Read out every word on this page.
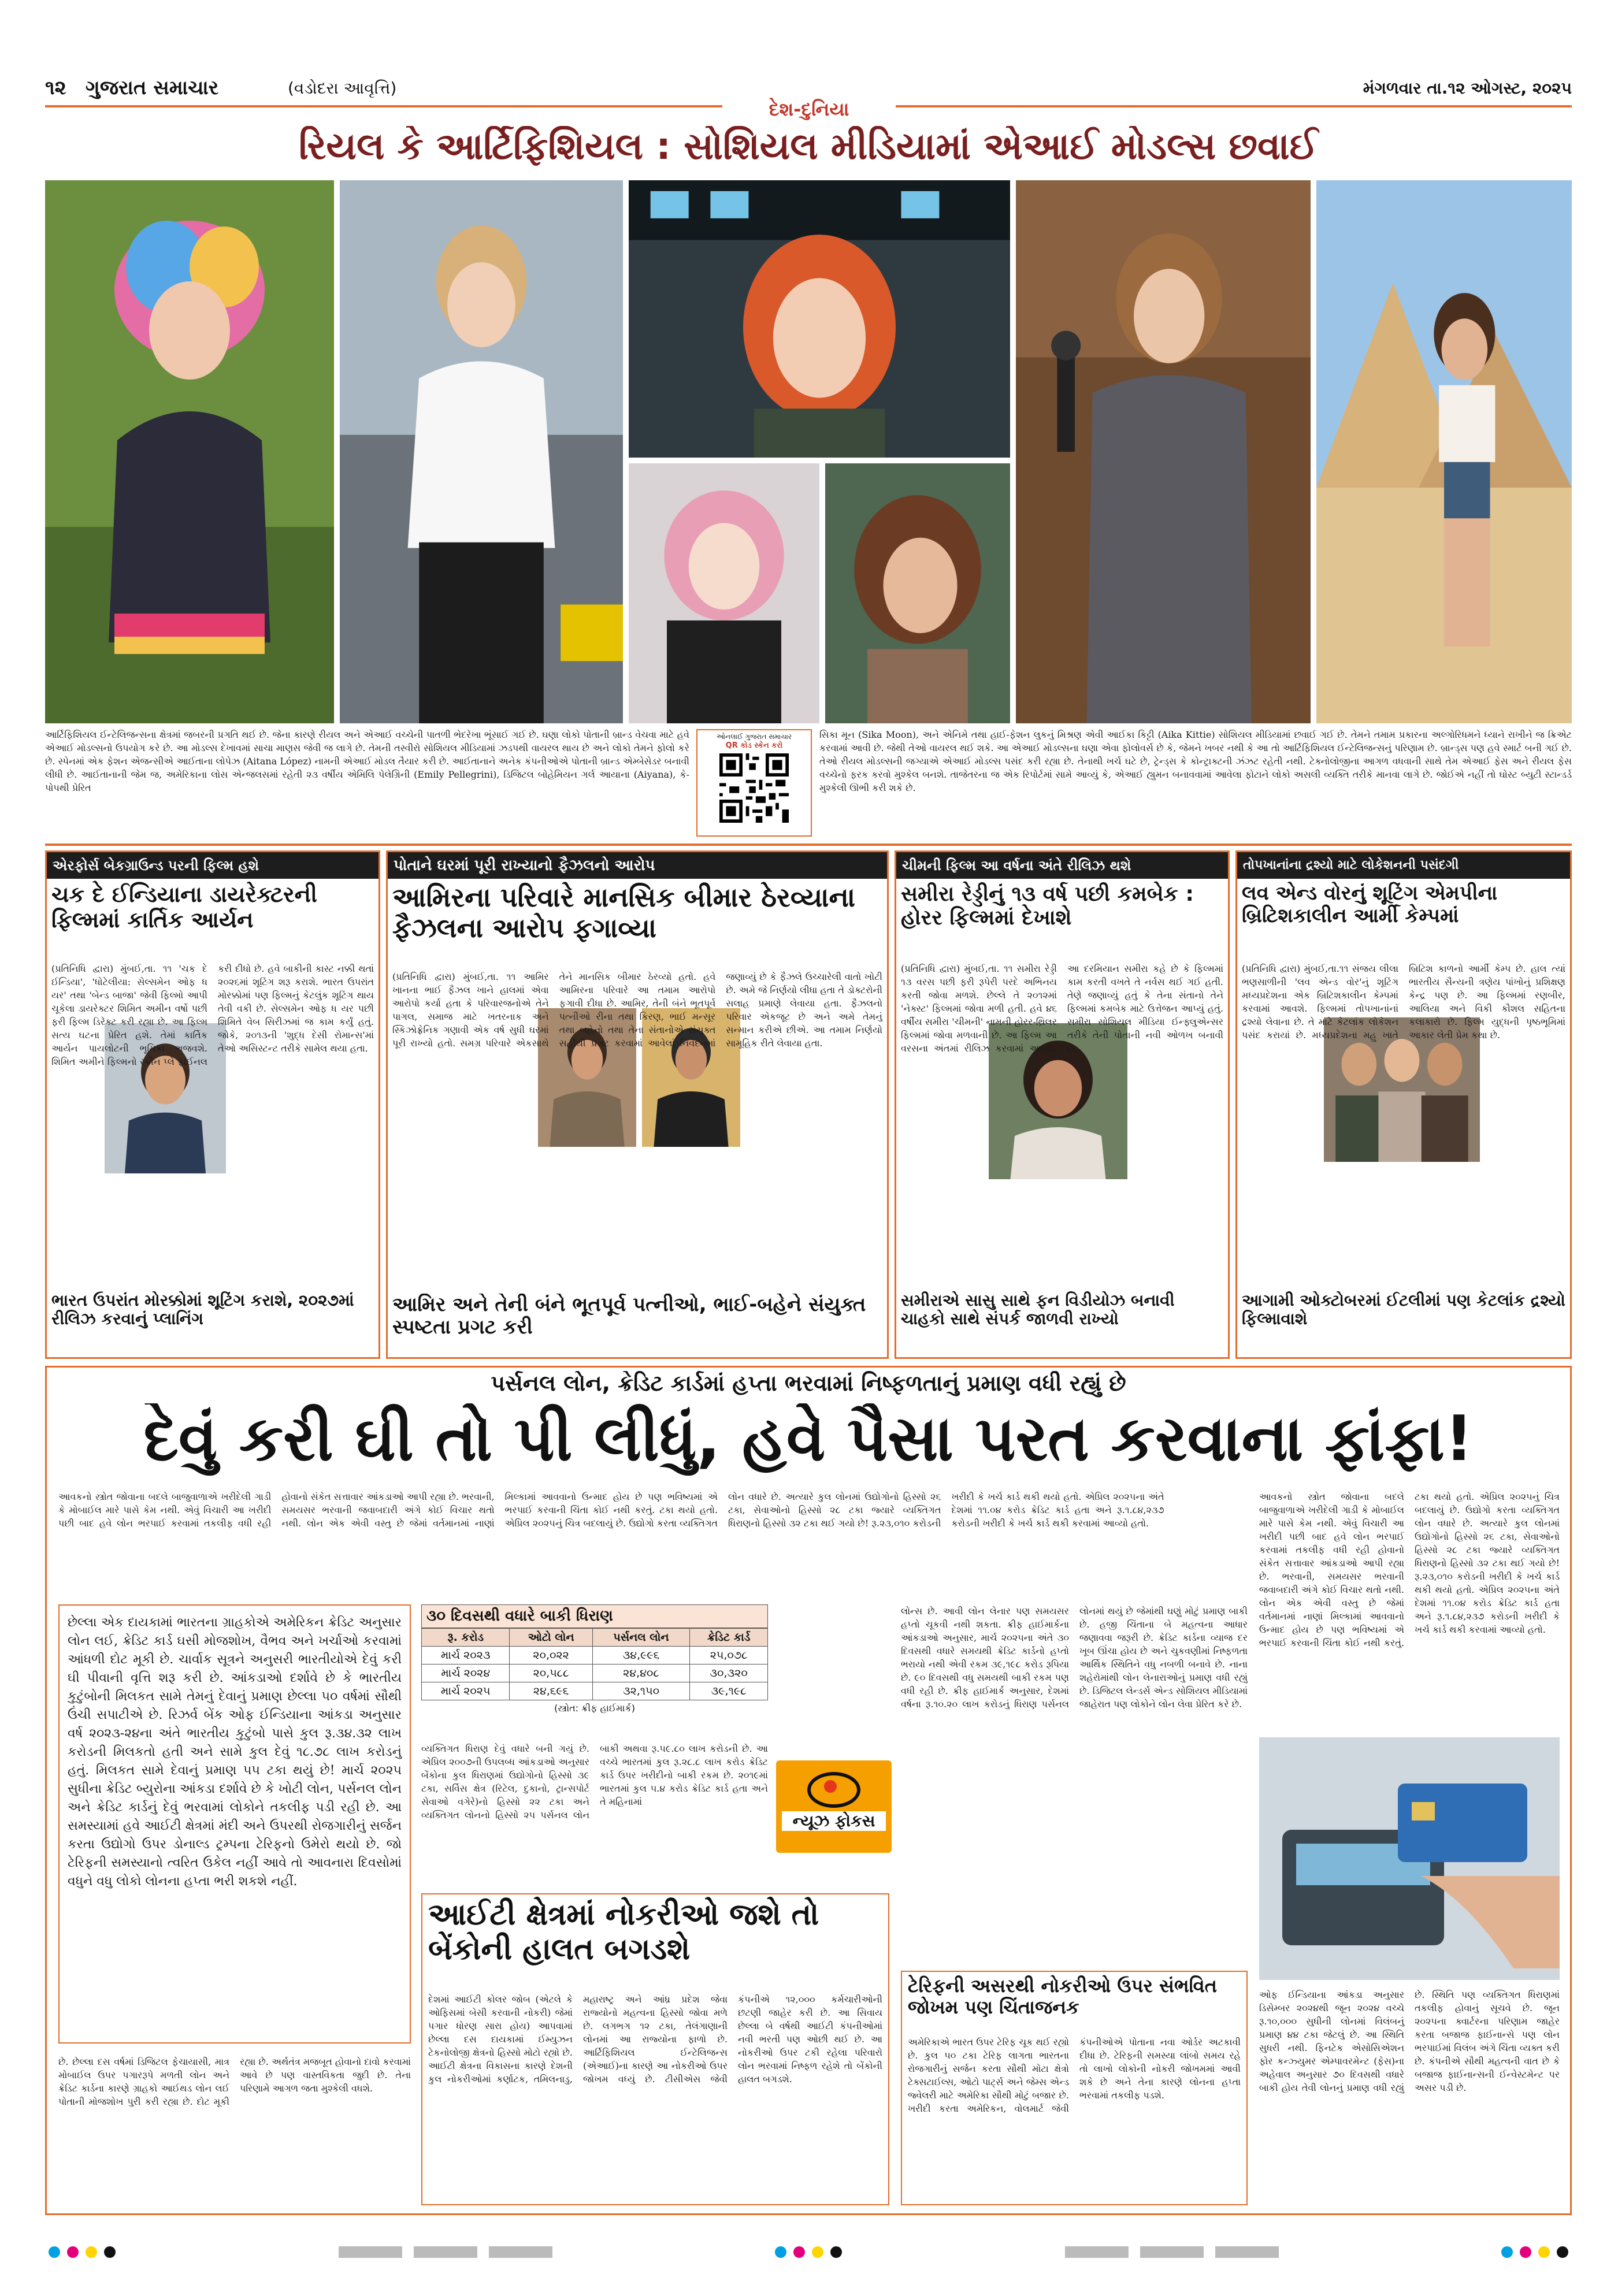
૧૨ ગુજરાત સમાચાર	(વડોદરા આવૃત્તિ)	મંગળવાર તા.૧૨ ઓગસ્ટ, ૨૦૨૫
દેશ-દુનિયા
રિયલ કે આર્ટિફિશિયલ : સોશિયલ મીડિયામાં એઆઈ મોડલ્સ છવાઈ
આર્ટિફિશિયલ ઈન્ટેલિજન્સના ક્ષેત્રમાં જબરની પ્રગતિ થઈ છે. જેના કારણે રીયલ અને એઆઈ વચ્ચેની પાતળી ભેદરેખા ભૂંસાઈ ગઈ છે. ઘણા લોકો પોતાની બ્રાન્ડ વેચવા માટે હવે એઆઈ મોડલ્સનો ઉપયોગ કરે છે. આ મોડલ્સ દેખાવમાં સાચા માણસ જેવી જ લાગે છે. તેમની તસ્વીરો સોશિયલ મીડિયામાં ઝડપથી વાયરલ થાય છે અને લોકો તેમને ફોલો કરે છે. સ્પેનમાં એક ફેશન એજન્સીએ આઈતાના લોપેઝ (Aitana López) નામની એઆઈ મોડલ તૈયાર કરી છે. આઈતાનાને અનેક કંપનીઓએ પોતાની બ્રાન્ડ એમ્બેસેડર બનાવી લીધી છે. આઈતાનાની જેમ જ, અમેરિકાના લોસ એન્જલસમાં રહેતી ૨૩ વર્ષીય એમિલિ પેલેગ્રિની (Emily Pellegrini), ડિજિટલ બોહેમિયન ગર્લ આયાના (Aiyana), કે-પોપથી પ્રેરિત
ઓનલાઈ ગુજરાત સમાચાર
QR કોડ સ્કેન કરો
સિકા મૂન (Sika Moon), અને એનિમે તથા હાઈ-ફેશન લુકનું મિશ્રણ એવી આઈકા કિટ્ટી (Aika Kittie) સોશિયલ મીડિયામાં છવાઈ ગઈ છે. તેમને તમામ પ્રકારના અલ્ગોરિધમને ધ્યાને રાખીને જ ક્રિએટ કરવામાં આવી છે. જેથી તેઓ વાયરલ થઈ શકે. આ એઆઈ મોડલ્સના ઘણા એવા ફોલોવર્સ છે કે, જેમને ખબર નથી કે આ તો આર્ટિફિશિયલ ઈન્ટેલિજન્સનું પરિણામ છે. બ્રાન્ડ્સ પણ હવે સ્માર્ટ બની ગઈ છે. તેઓ રીયલ મોડલ્સની જગ્યાએ એઆઈ મોડલ્સ પસંદ કરી રહ્યા છે. તેનાથી ખર્ચ ઘટે છે, ટ્રેન્ડ્સ કે કોન્ટ્રાક્ટની ઝંઝટ રહેતી નથી. ટેક્નોલોજીના આગળ વધવાની સાથે તેમ એઆઈ ફેસ અને રીયલ ફેસ વચ્ચેનો ફરક કરવો મુશ્કેલ બનશે. તાજેતરના જ એક રિપોર્ટમાં સામે આવ્યું કે, એઆઈ હ્યુમન બનાવવામાં આવેલા ફોટાને લોકો અસલી વ્યક્તિ તરીકે માનવા લાગે છે. જોઈએ નહીં તો ઘોસ્ટ બ્યુટી સ્ટાન્ડર્ડ મુશ્કેલી ઊભી કરી શકે છે.
એરફોર્સ બેકગ્રાઉન્ડ પરની ફિલ્મ હશે
ચક દે ઈન્ડિયાના ડાયરેક્ટરની ફિલ્મમાં કાર્તિક આર્યન
(પ્રતિનિધિ દ્વારા) મુંબઈ,તા. ૧૧ 'ચક દે ઈન્ડિયા', 'ધોટેલીયા: સેલ્સમેન ઓફ ધ યર' તથા 'બેન્ડ બાજા' જેવી ફિલ્મો આપી ચૂકેલા ડાયરેક્ટર શિમિત અમીન વર્ષો પછી ફરી ફિલ્મ ડિરેક્ટ કરી રહ્યા છે. આ ફિલ્મ સત્ય ઘટના પ્રેરિત હશે. તેમાં કાર્તિક આર્યન પાયલોટની ભૂમિકા ભજવશે. શિમિત અમીને ફિલ્મનો સ્ક્રીન પ્લે ફાઈનલ કરી દીધો છે. હવે બાકીની કાસ્ટ નક્કી થતાં ૨૦૨૬માં શૂટિંગ શરૂ કરાશે. ભારત ઉપરાંત મોરક્કોમાં પણ ફિલ્મનું કેટલુંક શૂટિંગ થાય તેવી વકી છે. સેલ્સમેન ઓફ ધ યર પછી શિમિતે વેબ સિરીઝમાં જ કામ કર્યું હતું. જોકે, ૨૦૧૩ની 'શુદ્ધ દેસી રોમાન્સ'માં તેઓ અસિસ્ટન્ટ તરીકે સામેલ થયા હતા.
ભારત ઉપરાંત મોરક્કોમાં શૂટિંગ કરાશે, ૨૦૨૭માં રીલિઝ કરવાનું પ્લાનિંગ
પોતાને ઘરમાં પૂરી રાખ્યાનો ફૈઝલનો આરોપ
આમિરના પરિવારે માનસિક બીમાર ઠેરવ્યાના ફૈઝલના આરોપ ફગાવ્યા
(પ્રતિનિધિ દ્વારા) મુંબઈ,તા. ૧૧ આમિર ખાનના ભાઈ ફૈઝલ ખાને હાલમાં એવા આરોપો કર્યા હતા કે પરિવારજનોએ તેને પાગલ, સમાજ માટે ખતરનાક અને સ્કિઝોફ્રેનિક ગણાવી એક વર્ષ સુધી ઘરમાં પૂરી રાખ્યો હતો. સમગ્ર પરિવારે એકસાથે તેને માનસિક બીમાર ઠેરવ્યો હતો. હવે આમિરના પરિવારે આ તમામ આરોપો ફગાવી દીધા છે. આમિર, તેની બંને ભૂતપૂર્વ પત્નીઓ રીના તથા કિરણ, ભાઈ મન્સૂર તથા બહેનો તથા તેના સંતાનોએ સંયુક્ત સહીથી પ્રગટ કરવામાં આવેલાં નિવેદનમાં જણાવ્યું છે કે ફૈઝલે ઉચ્ચારેલી વાતો ખોટી છે. અમે જે નિર્ણયો લીધા હતા તે ડોક્ટરોની સલાહ પ્રમાણે લેવાયા હતા. ફૈઝલનો પરિવાર એકજૂટ છે અને અમે તેમનું સન્માન કરીએ છીએ. આ તમામ નિર્ણયો સામૂહિક રીતે લેવાયા હતા.
આમિર અને તેની બંને ભૂતપૂર્વ પત્નીઓ, ભાઈ-બહેને સંયુક્ત સ્પષ્ટતા પ્રગટ કરી
ચીમની ફિલ્મ આ વર્ષના અંતે રીલિઝ થશે
સમીરા રેડ્ડીનું ૧૩ વર્ષ પછી કમબેક : હોરર ફિલ્મમાં દેખાશે
(પ્રતિનિધિ દ્વારા) મુંબઈ,તા. ૧૧ સમીરા રેડ્ડી ૧૩ વરસ પછી ફરી રૂપેરી પરદે અભિનય કરતી જોવા મળશે. છેલ્લે તે ૨૦૧૨માં 'નેક્સ્ટ' ફિલ્મમાં જોવા મળી હતી. હવે ૪૬ વર્ષીય સમીરા 'ચીમની' નામની હોરર-થ્રિલર ફિલ્મમાં જોવા મળવાની છે. આ ફિલ્મ આ વરસના અંતમાં રીલિઝ કરવામાં આવશે. આ દરમિયાન સમીરા કહે છે કે ફિલ્મમાં કામ કરતી વખતે તે નર્વસ થઈ ગઈ હતી. તેણે જણાવ્યું હતું કે તેના સંતાનો તેને ફિલ્મમાં કમબેક માટે ઉત્તેજન આપ્યું હતું. સમીરા સોશિયલ મીડિયા ઈન્ફ્લુએન્સર તરીકે તેની પોતાની નવી ઓળખ બનાવી છે.
સમીરાએ સાસુ સાથે ફન વિડીયોઝ બનાવી ચાહકો સાથે સંપર્ક જાળવી રાખ્યો
તોપખાનાંના દ્રશ્યો માટે લોકેશનની પસંદગી
લવ એન્ડ વોરનું શૂટિંગ એમપીના બ્રિટિશકાલીન આર્મી કેમ્પમાં
(પ્રતિનિધિ દ્વારા) મુંબઈ,તા.૧૧ સંજય લીલા ભણસાળીની 'લવ એન્ડ વોર'નું શૂટિંગ મધ્યપ્રદેશના એક બ્રિટિશકાલીન કેમ્પમાં કરવામાં આવશે. ફિલ્મમાં તોપખાનાંનાં દ્રશ્યો લેવાના છે. તે માટે કેટલાંક લોકેશન પસંદ કરાયાં છે. મધ્યપ્રદેશના મહુ ખાતે બ્રિટિશ કાળનો આર્મી કેમ્પ છે. હાલ ત્યાં ભારતીય સૈન્યની ત્રણેય પાંખોનું પ્રશિક્ષણ કેન્દ્ર પણ છે. આ ફિલ્મમાં રણબીર, આલિયા અને વિકી કૌશલ સહિતના કલાકારો છે. ફિલ્મ યુદ્ધની પૃષ્ઠભૂમિમાં આકાર લેતી પ્રેમ કથા છે.
આગામી ઓક્ટોબરમાં ઈટલીમાં પણ કેટલાંક દ્રશ્યો ફિલ્માવાશે
પર્સનલ લોન, ક્રેડિટ કાર્ડમાં હપ્તા ભરવામાં નિષ્ફળતાનું પ્રમાણ વધી રહ્યું છે
દેવું કરી ઘી તો પી લીધું, હવે પૈસા પરત કરવાના ફાંફા!
આવકનો સ્ત્રોત જોવાના બદલે બાજુવાળાએ ખરીદેલી ગાડી કે મોબાઈલ મારે પાસે કેમ નથી. એવું વિચારી આ ખરીદી પછી બાદ હવે લોન ભરપાઈ કરવામાં તકલીફ વધી રહી હોવાનો સંકેત સત્તાવાર આંકડાઓ આપી રહ્યા છે. ભરવાની, સમયસર ભરવાની જવાબદારી અંગે કોઈ વિચાર થતો નથી. લોન એક એવી વસ્તુ છે જેમાં વર્તમાનમાં નાણાં મિલ્કામાં આવવાનો ઉન્માદ હોય છે પણ ભવિષ્યમાં એ ભરપાઈ કરવાની ચિંતા કોઈ નથી કરતું. ટકા થયો હતો. એપ્રિલ ૨૦૨૫નું ચિત્ર બદલાયું છે. ઉદ્યોગો કરતા વ્યક્તિગત લોન વધારે છે. અત્યારે કુલ લોનમાં ઉદ્યોગોનો હિસ્સો ૨૬ ટકા, સેવાઓનો હિસ્સો ૨૮ ટકા જ્યારે વ્યક્તિગત ધિરાણનો હિસ્સો ૩૨ ટકા થઈ ગયો છે! રૂ.૨૩,૦૧૦ કરોડની ખરીદી કે ખર્ચ કાર્ડ થકી થયો હતો. એપ્રિલ ૨૦૨૫ના અંતે દેશમાં ૧૧.૦૪ કરોડ ક્રેડિટ કાર્ડ હતા અને રૂ.૧.૮૪,૨૩૭ કરોડની ખરીદી કે ખર્ચ કાર્ડ થકી કરવામાં આવ્યો હતો.
છેલ્લા એક દાયકામાં ભારતના ગ્રાહકોએ અમેરિકન ક્રેડિટ અનુસાર લોન લઈ, ક્રેડિટ કાર્ડ ઘસી મોજશોખ, વૈભવ અને ખર્ચાઓ કરવામાં આંધળી દોટ મૂકી છે. ચાર્વાક સૂત્રને અનુસરી ભારતીયોએ દેવું કરી ઘી પીવાની વૃત્તિ શરૂ કરી છે. આંકડાઓ દર્શાવે છે કે ભારતીય કુટુંબોની મિલકત સામે તેમનું દેવાનું પ્રમાણ છેલ્લા ૫૦ વર્ષમાં સૌથી ઉંચી સપાટીએ છે. રિઝર્વ બેંક ઓફ ઈન્ડિયાના આંકડા અનુસાર વર્ષ ૨૦૨૩-૨૪ના અંતે ભારતીય કુટુંબો પાસે કુલ રૂ.૩૪.૩૨ લાખ કરોડની મિલકતો હતી અને સામે કુલ દેવું ૧૮.૭૮ લાખ કરોડનું હતું. મિલકત સામે દેવાનું પ્રમાણ ૫૫ ટકા થયું છે! માર્ચ ૨૦૨૫ સુધીના ક્રેડિટ બ્યુરોના આંકડા દર્શાવે છે કે ખોટી લોન, પર્સનલ લોન અને ક્રેડિટ કાર્ડનું દેવું ભરવામાં લોકોને તકલીફ પડી રહી છે. આ સમસ્યામાં હવે આઈટી ક્ષેત્રમાં મંદી અને ઉપરથી રોજગારીનું સર્જન કરતા ઉદ્યોગો ઉપર ડોનાલ્ડ ટ્રમ્પના ટેરિફનો ઉમેરો થયો છે. જો ટેરિફની સમસ્યાનો ત્વરિત ઉકેલ નહીં આવે તો આવનારા દિવસોમાં વધુને વધુ લોકો લોનના હપ્તા ભરી શકશે નહીં.
૩૦ દિવસથી વધારે બાકી ધિરાણ
રૂ. કરોડ	ઓટો લોન	પર્સનલ લોન	ક્રેડિટ કાર્ડ
માર્ચ ૨૦૨૩	૨૦,૦૨૨	૩૪,૯૯૬	૨૫,૦૭૮
માર્ચ ૨૦૨૪	૨૦,૫૮૮	૨૪,૪૦૮	૩૦,૩૨૦
માર્ચ ૨૦૨૫	૨૪,૬૯૬	૩૨,૧૫૦	૩૯,૧૯૮
(સ્ત્રોત: ક્રીફ હાઈમાર્ક)
વ્યક્તિગત ધિરાણ દેવું વધારે બની ગયું છે. એપ્રિલ ૨૦૦૭ની ઉપલબ્ધ આંકડાઓ અનુસાર બેંકોના કુલ ધિરાણમાં ઉદ્યોગોનો હિસ્સો ૩૯ ટકા, સર્વિસ ક્ષેત્ર (રિટેલ, દુકાનો, ટ્રાન્સપોર્ટ સેવાઓ વગેરે)નો હિસ્સો ૨૨ ટકા અને વ્યક્તિગત લોનનો હિસ્સો ૨૫ પર્સનલ લોન બાકી અથવા રૂ.૫૯.૮૦ લાખ કરોડની છે. આ વચ્ચે ભારતમાં કુલ રૂ.૨૮.૮ લાખ કરોડ ક્રેડિટ કાર્ડ ઉપર ખરીદીનો બાકી રકમ છે. ૨૦૧૯માં ભારતમાં કુલ ૫.૪ કરોડ ક્રેડિટ કાર્ડ હતા અને તે મહિનામાં
ન્યૂઝ ફોકસ
લોન્સ છે. આવી લોન લેનાર પણ સમયસર હપ્તો ચૂકવી નથી શકતા. ક્રીફ હાઈમાર્કના આંકડાઓ અનુસાર, માર્ચ ૨૦૨૫ના અંતે ૩૦ દિવસથી વધારે સમયથી ક્રેડિટ કાર્ડનો હપ્તો ભરાયો નથી એવી રકમ ૩૯,૧૯૮ કરોડ રૂપિયા છે. ૯૦ દિવસથી વધુ સમયથી બાકી રકમ પણ વધી રહી છે. ક્રીફ હાઈમાર્ક અનુસાર, દેશમાં વર્ષના રૂ.૧૦.૨૦ લાખ કરોડનું ધિરાણ પર્સનલ લોનમાં થયું છે જેમાંથી ઘણું મોટું પ્રમાણ બાકી છે. હજી ચિંતાના બે મહત્વના આધાર જણાવવા જરૂરી છે. ક્રેડિટ કાર્ડના વ્યાજ દર ખૂબ ઊંચા હોય છે અને ચુકવણીમાં નિષ્ફળતા આર્થિક સ્થિતિને વધુ નબળી બનાવે છે. નાના શહેરોમાંથી લોન લેનારાઓનું પ્રમાણ વધી રહ્યું છે. ડિજિટલ લેન્ડર્સ એન્ડ સોશિયલ મીડિયામાં જાહેરાત પણ લોકોને લોન લેવા પ્રેરિત કરે છે.
આવકનો સ્ત્રોત જોવાના બદલે બાજુવાળાએ ખરીદેલી ગાડી કે મોબાઈલ મારે પાસે કેમ નથી. એવું વિચારી આ ખરીદી પછી બાદ હવે લોન ભરપાઈ કરવામાં તકલીફ વધી રહી હોવાનો સંકેત સત્તાવાર આંકડાઓ આપી રહ્યા છે. ભરવાની, સમયસર ભરવાની જવાબદારી અંગે કોઈ વિચાર થતો નથી. લોન એક એવી વસ્તુ છે જેમાં વર્તમાનમાં નાણાં મિલ્કામાં આવવાનો ઉન્માદ હોય છે પણ ભવિષ્યમાં એ ભરપાઈ કરવાની ચિંતા કોઈ નથી કરતું. ટકા થયો હતો. એપ્રિલ ૨૦૨૫નું ચિત્ર બદલાયું છે. ઉદ્યોગો કરતા વ્યક્તિગત લોન વધારે છે. અત્યારે કુલ લોનમાં ઉદ્યોગોનો હિસ્સો ૨૬ ટકા, સેવાઓનો હિસ્સો ૨૮ ટકા જ્યારે વ્યક્તિગત ધિરાણનો હિસ્સો ૩૨ ટકા થઈ ગયો છે! રૂ.૨૩,૦૧૦ કરોડની ખરીદી કે ખર્ચ કાર્ડ થકી થયો હતો. એપ્રિલ ૨૦૨૫ના અંતે દેશમાં ૧૧.૦૪ કરોડ ક્રેડિટ કાર્ડ હતા અને રૂ.૧.૮૪,૨૩૭ કરોડની ખરીદી કે ખર્ચ કાર્ડ થકી કરવામાં આવ્યો હતો.
આઈટી ક્ષેત્રમાં નોકરીઓ જશે તો બેંકોની હાલત બગડશે
દેશમાં આઈટી કોલર જોબ (એટલે કે ઓફિસમાં બેસી કરવાની નોકરી) જેમાં પગાર ધોરણ સારા હોય) આપવામાં છેલ્લા દસ દાયકામાં ઈમ્યુઝન ટેકનોલોજી ક્ષેત્રનો હિસ્સો મોટો રહ્યો છે. આઈટી ક્ષેત્રના વિકાસના કારણે દેશની કુલ નોકરીઓમાં કર્ણાટક, તમિલનાડુ, મહારાષ્ટ્ર અને આંધ્ર પ્રદેશ જેવા રાજ્યોનો મહત્વના હિસ્સો જોવા મળે છે. લગભગ ૧૨ ટકા, તેલંગાણાની લોનમાં આ રાજ્યોના ફાળો છે. આર્ટિફિશિયલ ઈન્ટેલિજન્સ (એઆઈ)ના કારણે આ નોકરીઓ ઉપર જોખમ વધ્યું છે. ટીસીએસ જેવી કંપનીએ ૧૨,૦૦૦ કર્મચારીઓની છટણી જાહેર કરી છે. આ સિવાય છેલ્લા બે વર્ષથી આઈટી કંપનીઓમાં નવી ભરતી પણ ઓછી થઈ છે. આ નોકરીઓ ઉપર ટકી રહેલા પરિવારો લોન ભરવામાં નિષ્ફળ રહેશે તો બેંકોની હાલત બગડશે.
છે. છેલ્લા દસ વર્ષમાં ડિજિટલ ફેચાયાસી, માત્ર મોબાઈલ ઉપર પગારરૂપે મળતી લોન અને ક્રેડિટ કાર્ડના કારણે ગ્રાહકો આઈથડ લોન લઈ પોતાની મોજશોખ પુરી કરી રહ્યા છે. દોટ મૂકી રહ્યા છે. અર્થતંત્ર મજબૂત હોવાનો દાવો કરવામાં આવે છે પણ વાસ્તવિકતા જુદી છે. તેના પરિણામે આગળ જતા મુશ્કેલી વધશે.
ટેરિફની અસરથી નોકરીઓ ઉપર સંભવિત જોખમ પણ ચિંતાજનક
અમેરિકાએ ભારત ઉપર ટેરિફ ચૂક થઈ રહ્યો છે. કુલ ૫૦ ટકા ટેરિફ લાગતા ભારતના રોજગારીનું સર્જન કરતા સૌથી મોટા ક્ષેત્રો ટેક્સટાઈલ્સ, ઓટો પાર્ટ્સ અને જેમ્સ એન્ડ જ્વેલરી માટે અમેરિકા સૌથી મોટું બજાર છે. ખરીદી કરતા અમેરિકન, વોલમાર્ટ જેવી કંપનીઓએ પોતાના નવા ઓર્ડર અટકાવી દીધા છે. ટેરિફની સમસ્યા લાંબો સમય રહે તો લાખો લોકોની નોકરી જોખમમાં આવી શકે છે અને તેના કારણે લોનના હપ્તા ભરવામાં તકલીફ પડશે.
ઓફ ઈન્ડિયાના આંકડા અનુસાર ડિસેમ્બર ૨૦૨૪થી જૂન ૨૦૨૪ વચ્ચે રૂ.૧૦,૦૦૦ સુધીની લોનમાં વિલંબનું પ્રમાણ ૪૪ ટકા જેટલું છે. આ સ્થિતિ સુધરી નથી. ફિનટેક એસોસિએશન ફોર કન્ઝ્યુમર એમ્પાવરમેન્ટ (ફેસ)ના અહેવાલ અનુસાર ૭૦ દિવસથી વધારે બાકી હોય તેવી લોનનું પ્રમાણ વધી રહ્યું છે. સ્થિતિ પણ વ્યક્તિગત ધિરાણમાં તકલીફ હોવાનું સૂચવે છે. જૂન ૨૦૨૫ના ક્વાર્ટરના પરિણામ જાહેર કરતા બજાજ ફાઈનાન્સે પણ લોન ભરપાઈમાં વિલંબ અંગે ચિંતા વ્યક્ત કરી છે. કંપનીએ સૌથી મહત્વની વાત છે કે બજાજ ફાઈનાન્સની ઈન્વેસ્ટમેન્ટ પર અસર પડી છે.
